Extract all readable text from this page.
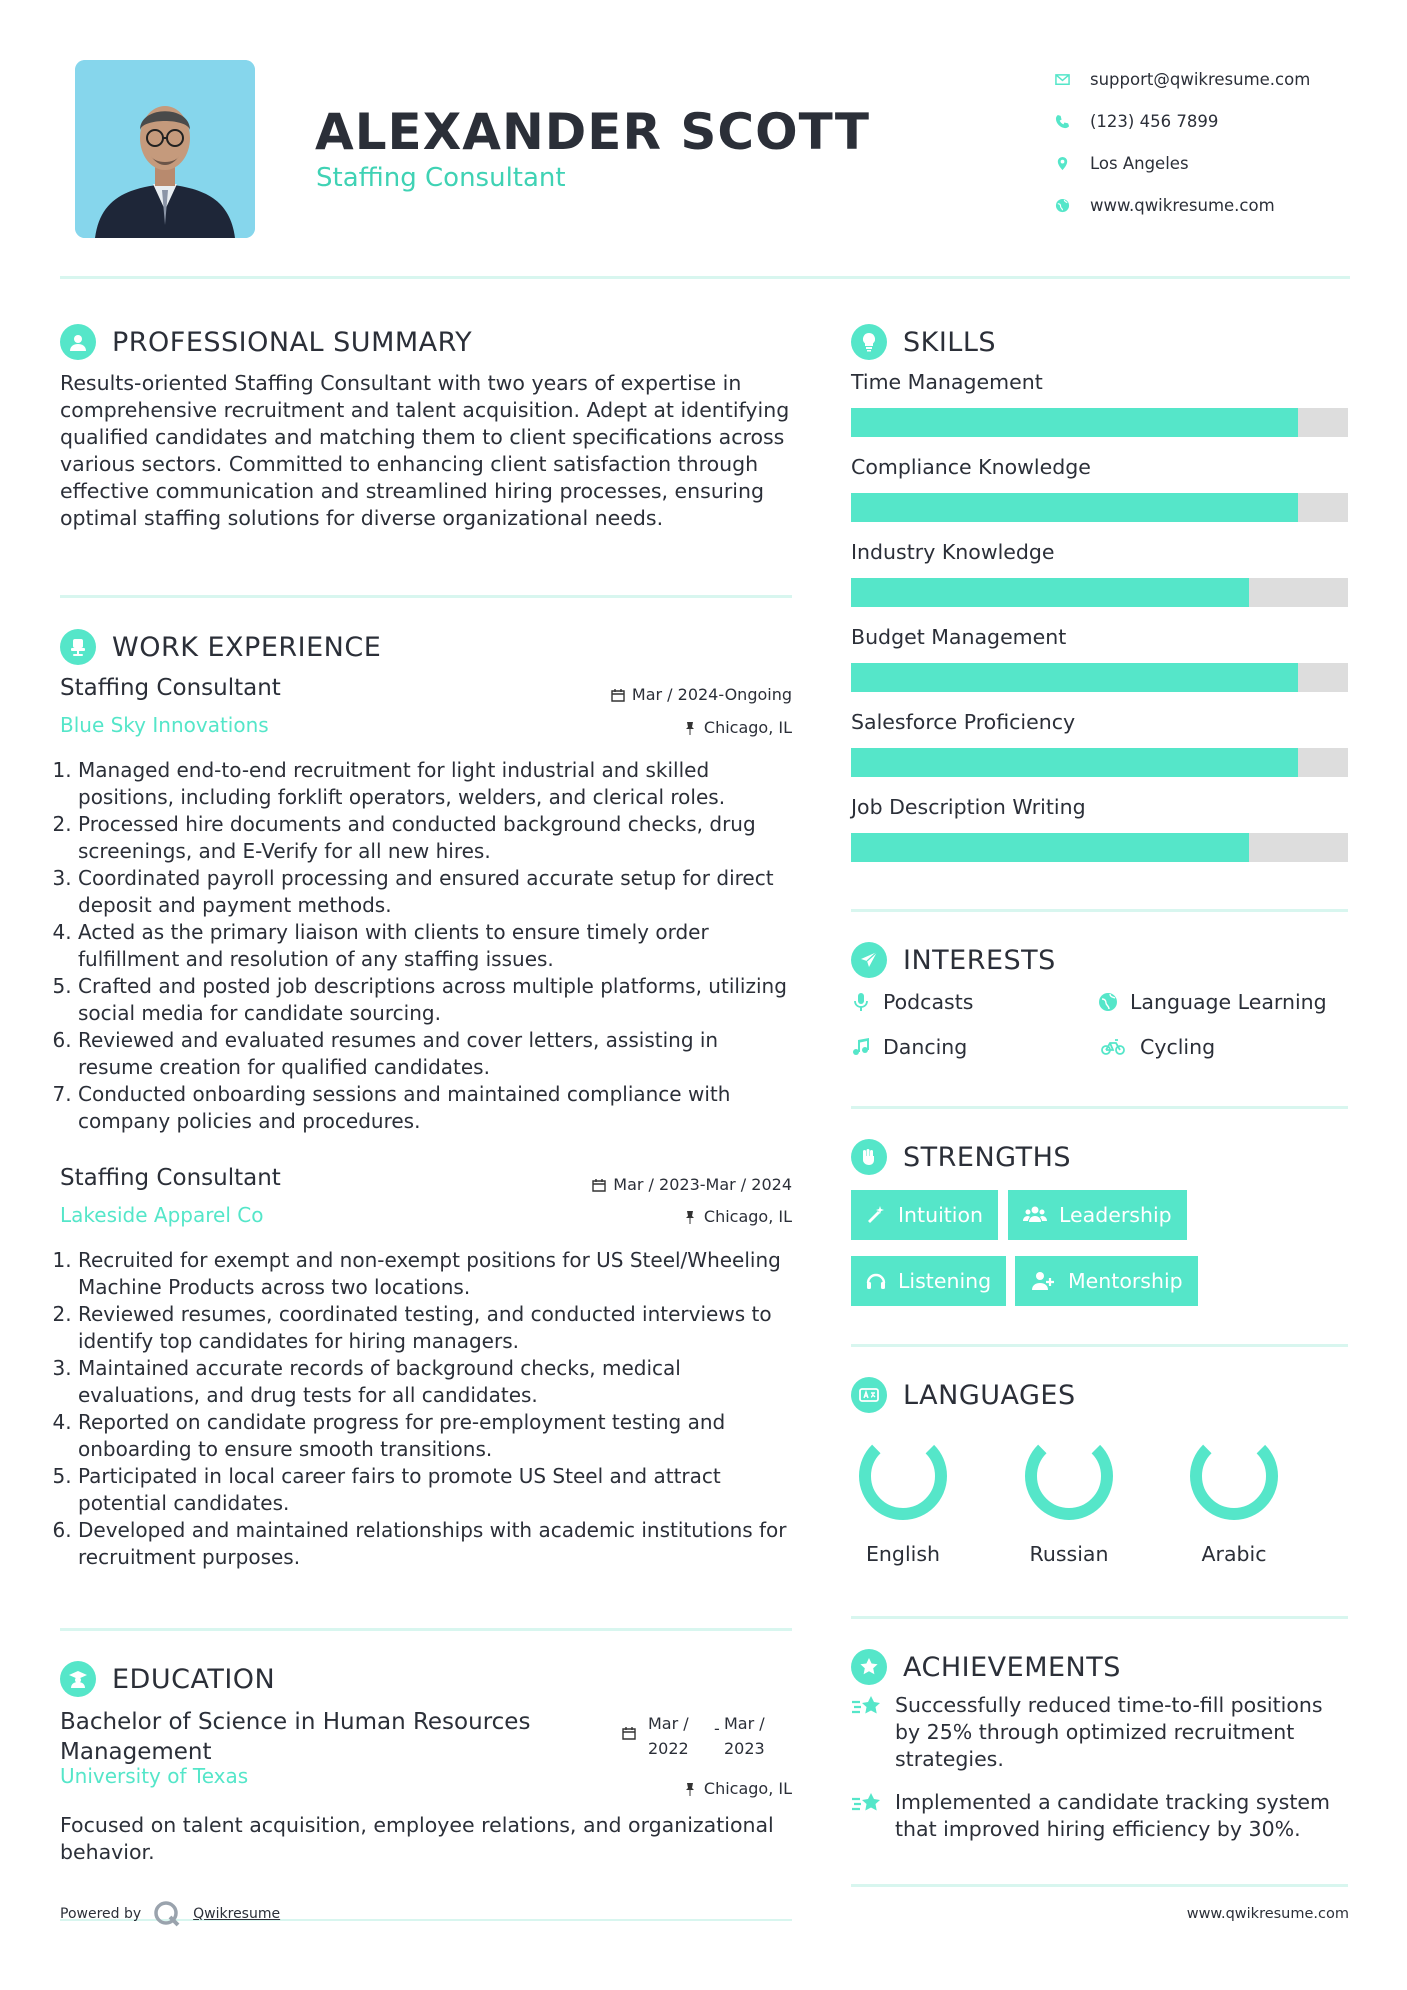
ALEXANDER SCOTT
Staffing Consultant
support@qwikresume.com
(123) 456 7899
Los Angeles
www.qwikresume.com
PROFESSIONAL SUMMARY
Results-oriented Staffing Consultant with two years of expertise in comprehensive recruitment and talent acquisition. Adept at identifying qualified candidates and matching them to client specifications across various sectors. Committed to enhancing client satisfaction through effective communication and streamlined hiring processes, ensuring optimal staffing solutions for diverse organizational needs.
WORK EXPERIENCE
Staffing Consultant
Blue Sky Innovations
Mar / 2024-Ongoing
Chicago, IL
1. Managed end-to-end recruitment for light industrial and skilled positions, including forklift operators, welders, and clerical roles.
2. Processed hire documents and conducted background checks, drug screenings, and E-Verify for all new hires.
3. Coordinated payroll processing and ensured accurate setup for direct deposit and payment methods.
4. Acted as the primary liaison with clients to ensure timely order fulfillment and resolution of any staffing issues.
5. Crafted and posted job descriptions across multiple platforms, utilizing social media for candidate sourcing.
6. Reviewed and evaluated resumes and cover letters, assisting in resume creation for qualified candidates.
7. Conducted onboarding sessions and maintained compliance with company policies and procedures.
Staffing Consultant
Lakeside Apparel Co
Mar / 2023-Mar / 2024
Chicago, IL
1. Recruited for exempt and non-exempt positions for US Steel/Wheeling Machine Products across two locations.
2. Reviewed resumes, coordinated testing, and conducted interviews to identify top candidates for hiring managers.
3. Maintained accurate records of background checks, medical evaluations, and drug tests for all candidates.
4. Reported on candidate progress for pre-employment testing and onboarding to ensure smooth transitions.
5. Participated in local career fairs to promote US Steel and attract potential candidates.
6. Developed and maintained relationships with academic institutions for recruitment purposes.
EDUCATION
Bachelor of Science in Human Resources Management
Mar /
2022
- Mar /
2023
University of Texas
Chicago, IL
Focused on talent acquisition, employee relations, and organizational behavior.
SKILLS
Time Management
Compliance Knowledge
Industry Knowledge
Budget Management
Salesforce Proficiency
Job Description Writing
INTERESTS
Podcasts	Language Learning
Dancing	Cycling
STRENGTHS
Intuition	Leadership
Listening	Mentorship
LANGUAGES
English	Russian	Arabic
ACHIEVEMENTS
Successfully reduced time-to-fill positions by 25% through optimized recruitment strategies.
Implemented a candidate tracking system that improved hiring efficiency by 30%.
Powered by	Qwikresume	www.qwikresume.com
